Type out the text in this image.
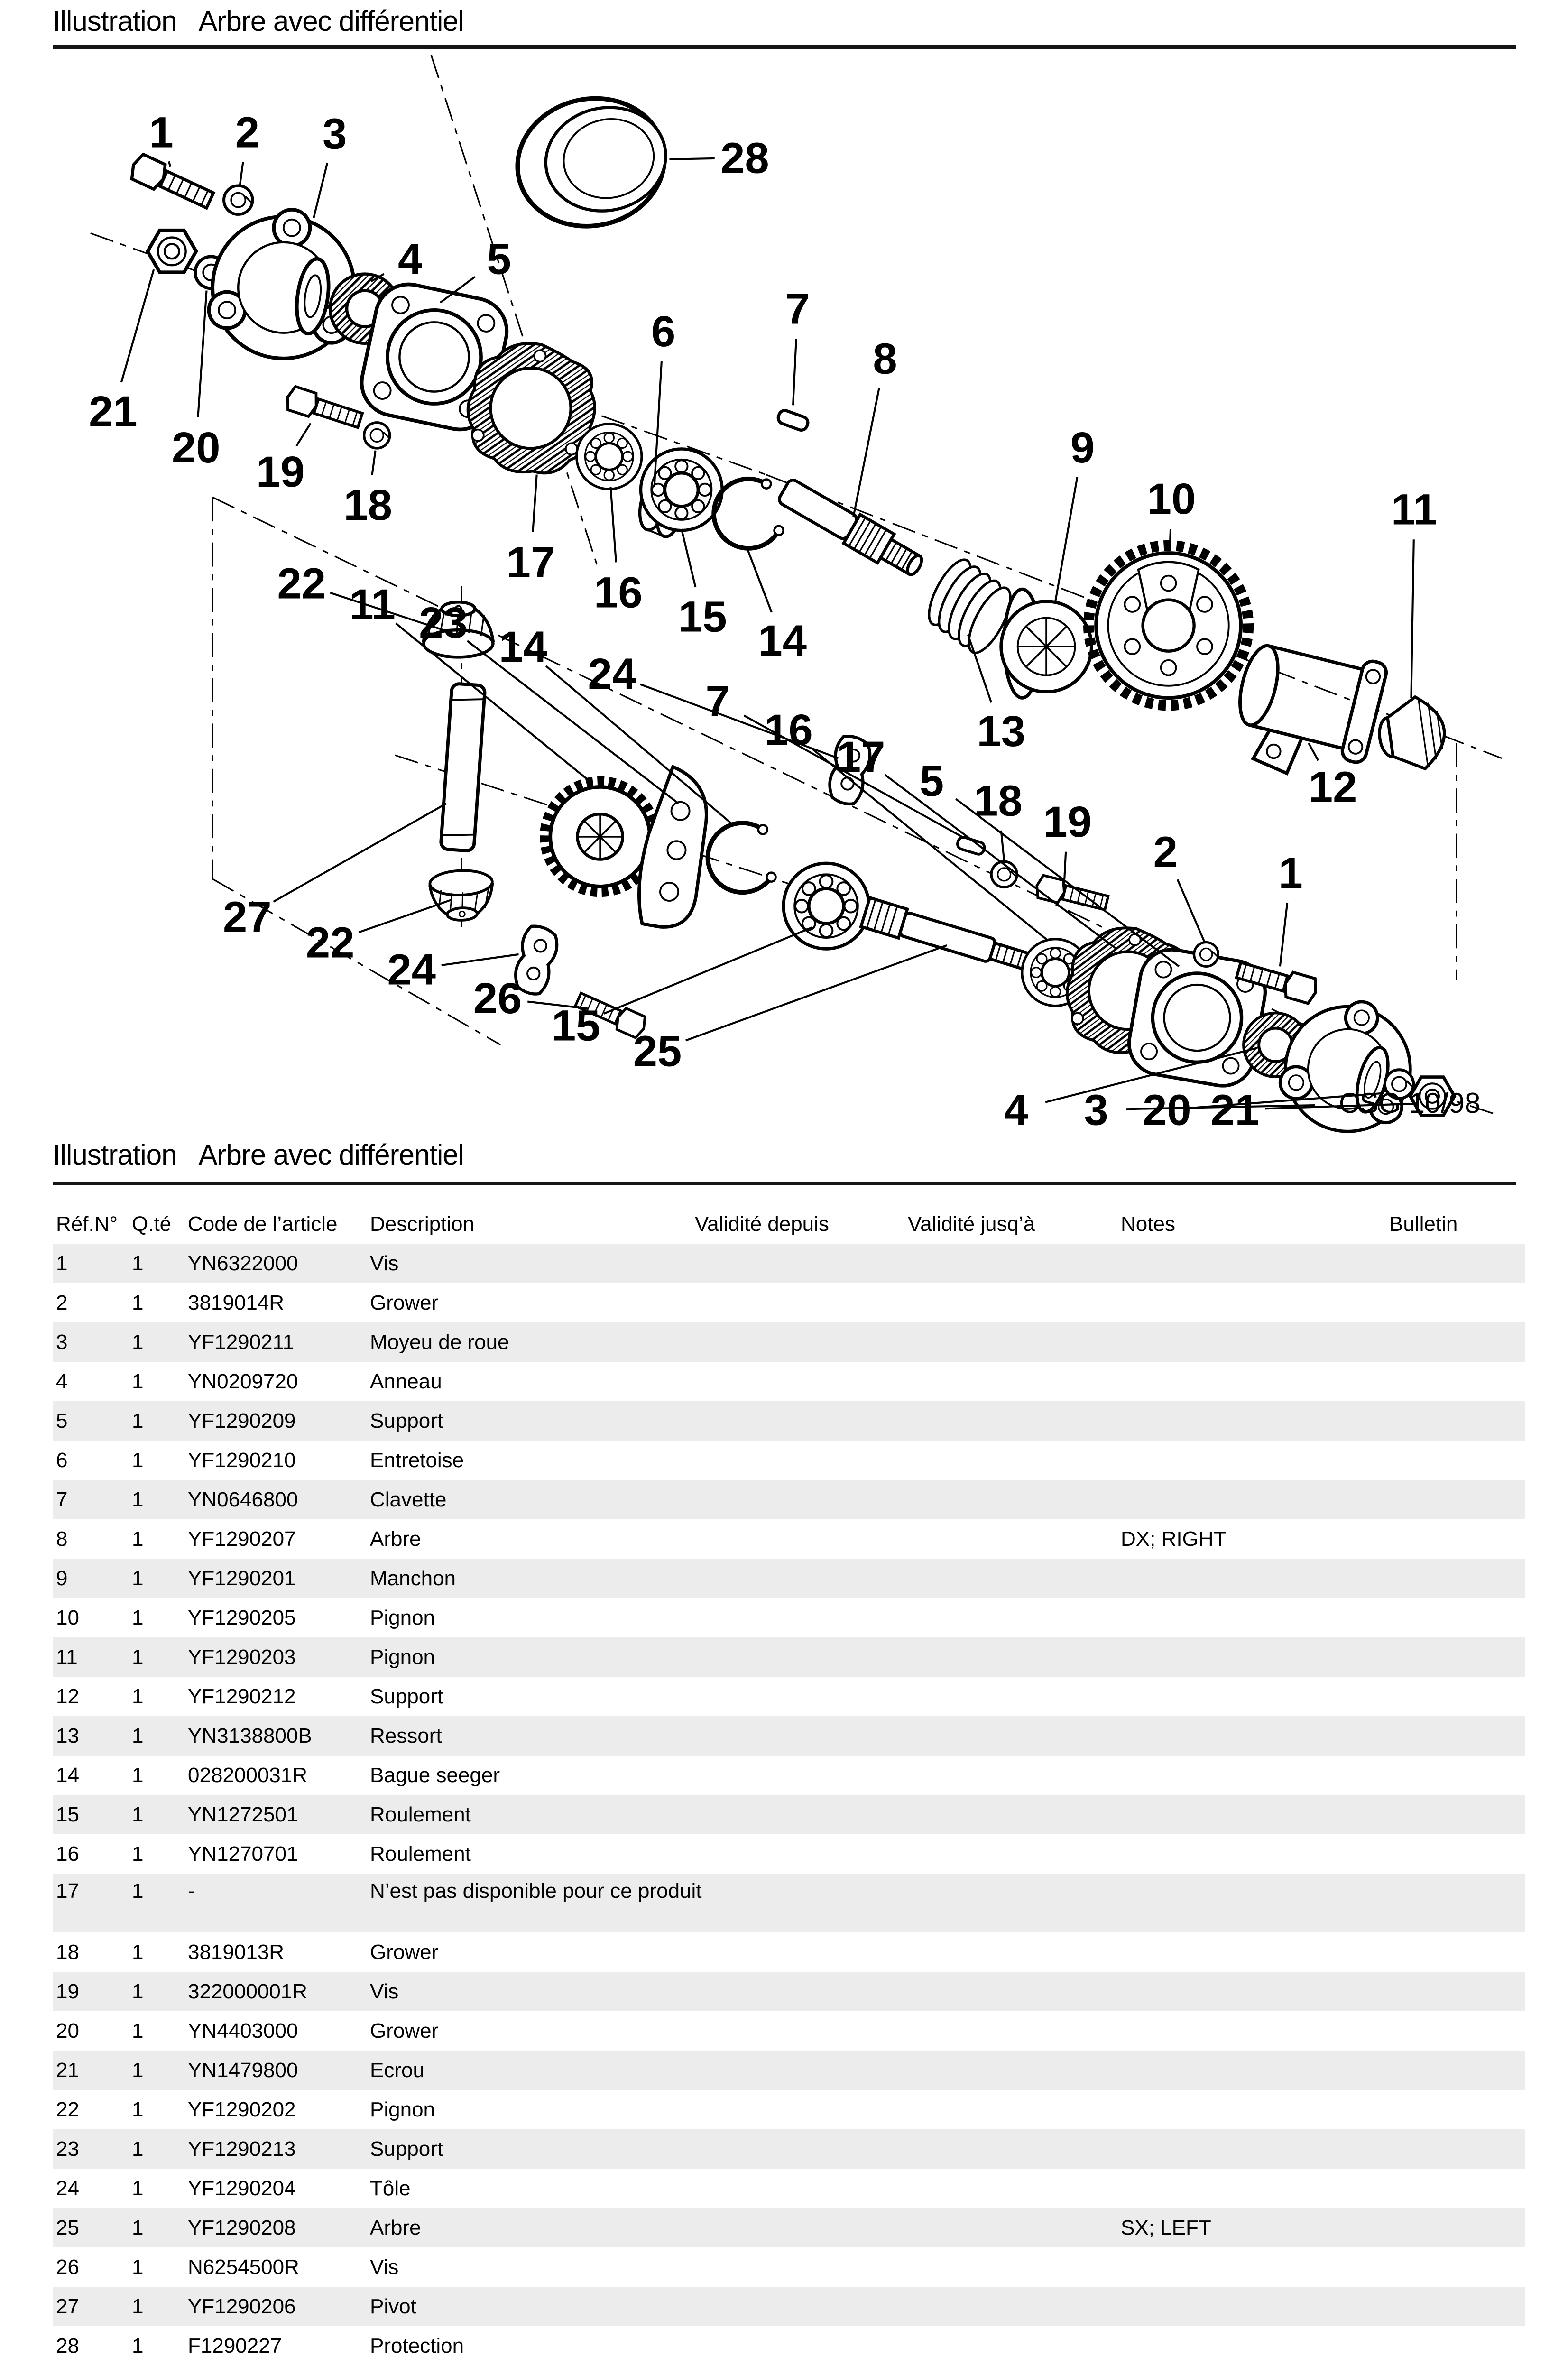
Illustration Arbre avec différentiel
1	2	3
4	5
28
6	7
8
9
10	11
21
20	19
18
17
16	15 14
13
12
22 11 23 14
24
7
16
17	5 18 19
2	1
27
22
24
26
15
25
4	3	20 21	CSG 10/98
Illustration Arbre avec différentiel
Réf.N° Q.té Code de l’article Description	Validité depuis	Validité jusq’à	Notes	Bulletin
1	1 YN6322000	Vis
2	1 3819014R	Grower
3	1 YF1290211	Moyeu de roue
4	1 YN0209720	Anneau
5	1 YF1290209	Support
6	1 YF1290210	Entretoise
7	1 YN0646800	Clavette
8	1 YF1290207	Arbre	DX; RIGHT
9	1 YF1290201	Manchon
10	1 YF1290205	Pignon
11	1 YF1290203	Pignon
12	1 YF1290212	Support
13	1 YN3138800B	Ressort
14	1 028200031R	Bague seeger
15	1 YN1272501	Roulement
16	1 YN1270701	Roulement
17	1 -	N’est pas disponible pour ce produit
18	1 3819013R	Grower
19	1 322000001R	Vis
20	1 YN4403000	Grower
21	1 YN1479800	Ecrou
22	1 YF1290202	Pignon
23	1 YF1290213	Support
24	1 YF1290204	Tôle
25	1 YF1290208	Arbre	SX; LEFT
26	1 N6254500R	Vis
27	1 YF1290206	Pivot
28	1 F1290227	Protection
